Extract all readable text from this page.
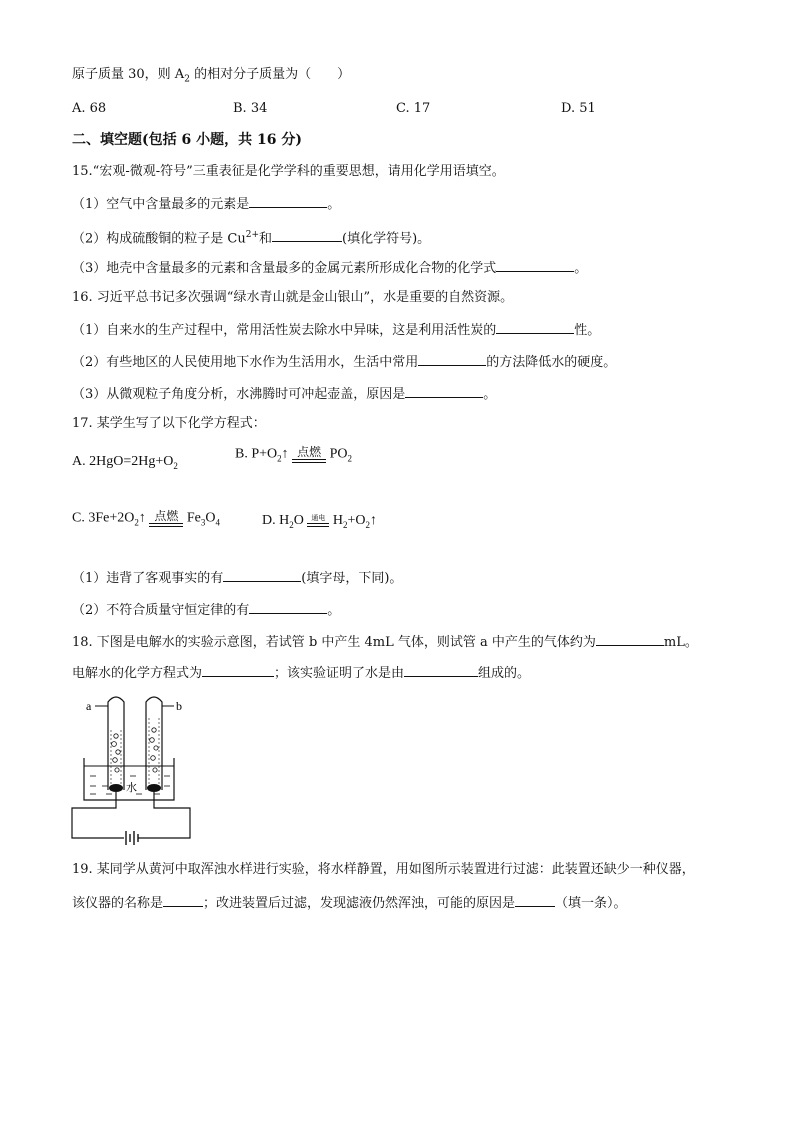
原子质量 30，则 $A_2$ 的相对分子质量为（　　）
A. 68	B. 34	C. 17	D. 51
二、填空题(包括 6 小题，共 16 分)
15.“宏观-微观-符号”三重表征是化学学科的重要思想，请用化学用语填空。
（1）空气中含量最多的元素是	。
（2）构成硫酸铜的粒子是 $Cu^{2+}$和	(填化学符号)。
（3）地壳中含量最多的元素和含量最多的金属元素所形成化合物的化学式	。
16. 习近平总书记多次强调“绿水青山就是金山银山”，水是重要的自然资源。
（1）自来水的生产过程中，常用活性炭去除水中异味，这是利用活性炭的	性。
（2）有些地区的人民使用地下水作为生活用水，生活中常用	的方法降低水的硬度。
（3）从微观粒子角度分析，水沸腾时可冲起壶盖，原因是	。
17. 某学生写了以下化学方程式：
A. $2HgO=2Hg+O_2$
B. $P+O_2↑$ 点燃 $PO_2$
C. $3Fe+2O_2↑$ 点燃 $Fe_3O_4$	D. $H_2O$	通电 $H_2+O_2↑$
（1）违背了客观事实的有	(填字母，下同)。
（2）不符合质量守恒定律的有	。
18. 下图是电解水的实验示意图，若试管 b 中产生 4mL 气体，则试管 a 中产生的气体约为	mL。
电解水的化学方程式为	；该实验证明了水是由	组成的。
a	b
水
19. 某同学从黄河中取浑浊水样进行实验，将水样静置，用如图所示装置进行过滤：此装置还缺少一种仪器，
该仪器的名称是	；改进装置后过滤，发现滤液仍然浑浊，可能的原因是	（填一条）。
